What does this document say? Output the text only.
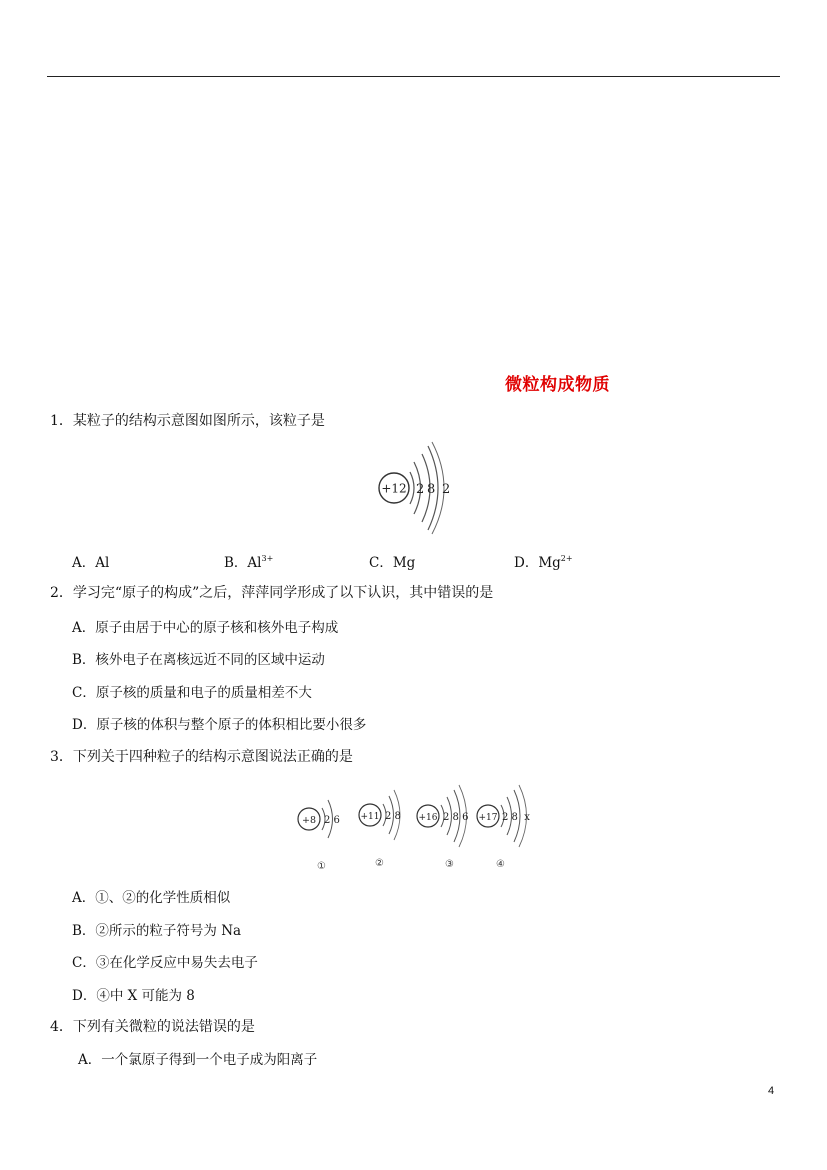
微粒构成物质
1．某粒子的结构示意图如图所示，该粒子是
+12 2 8 2
A．Al	B．$Al^{3+}$	C．Mg	D．$Mg^{2+}$
2．学习完“原子的构成”之后，萍萍同学形成了以下认识，其中错误的是
A．原子由居于中心的原子核和核外电子构成
B．核外电子在离核远近不同的区域中运动
C．原子核的质量和电子的质量相差不大
D．原子核的体积与整个原子的体积相比要小很多
3．下列关于四种粒子的结构示意图说法正确的是
+8 2 6
①
+11 2 8
②
+16 2 8 6
③
+17 2 8  x
④
A．①、②的化学性质相似
B．②所示的粒子符号为 Na
C．③在化学反应中易失去电子
D．④中 X 可能为 8
4．下列有关微粒的说法错误的是
A．一个氯原子得到一个电子成为阳离子
4
